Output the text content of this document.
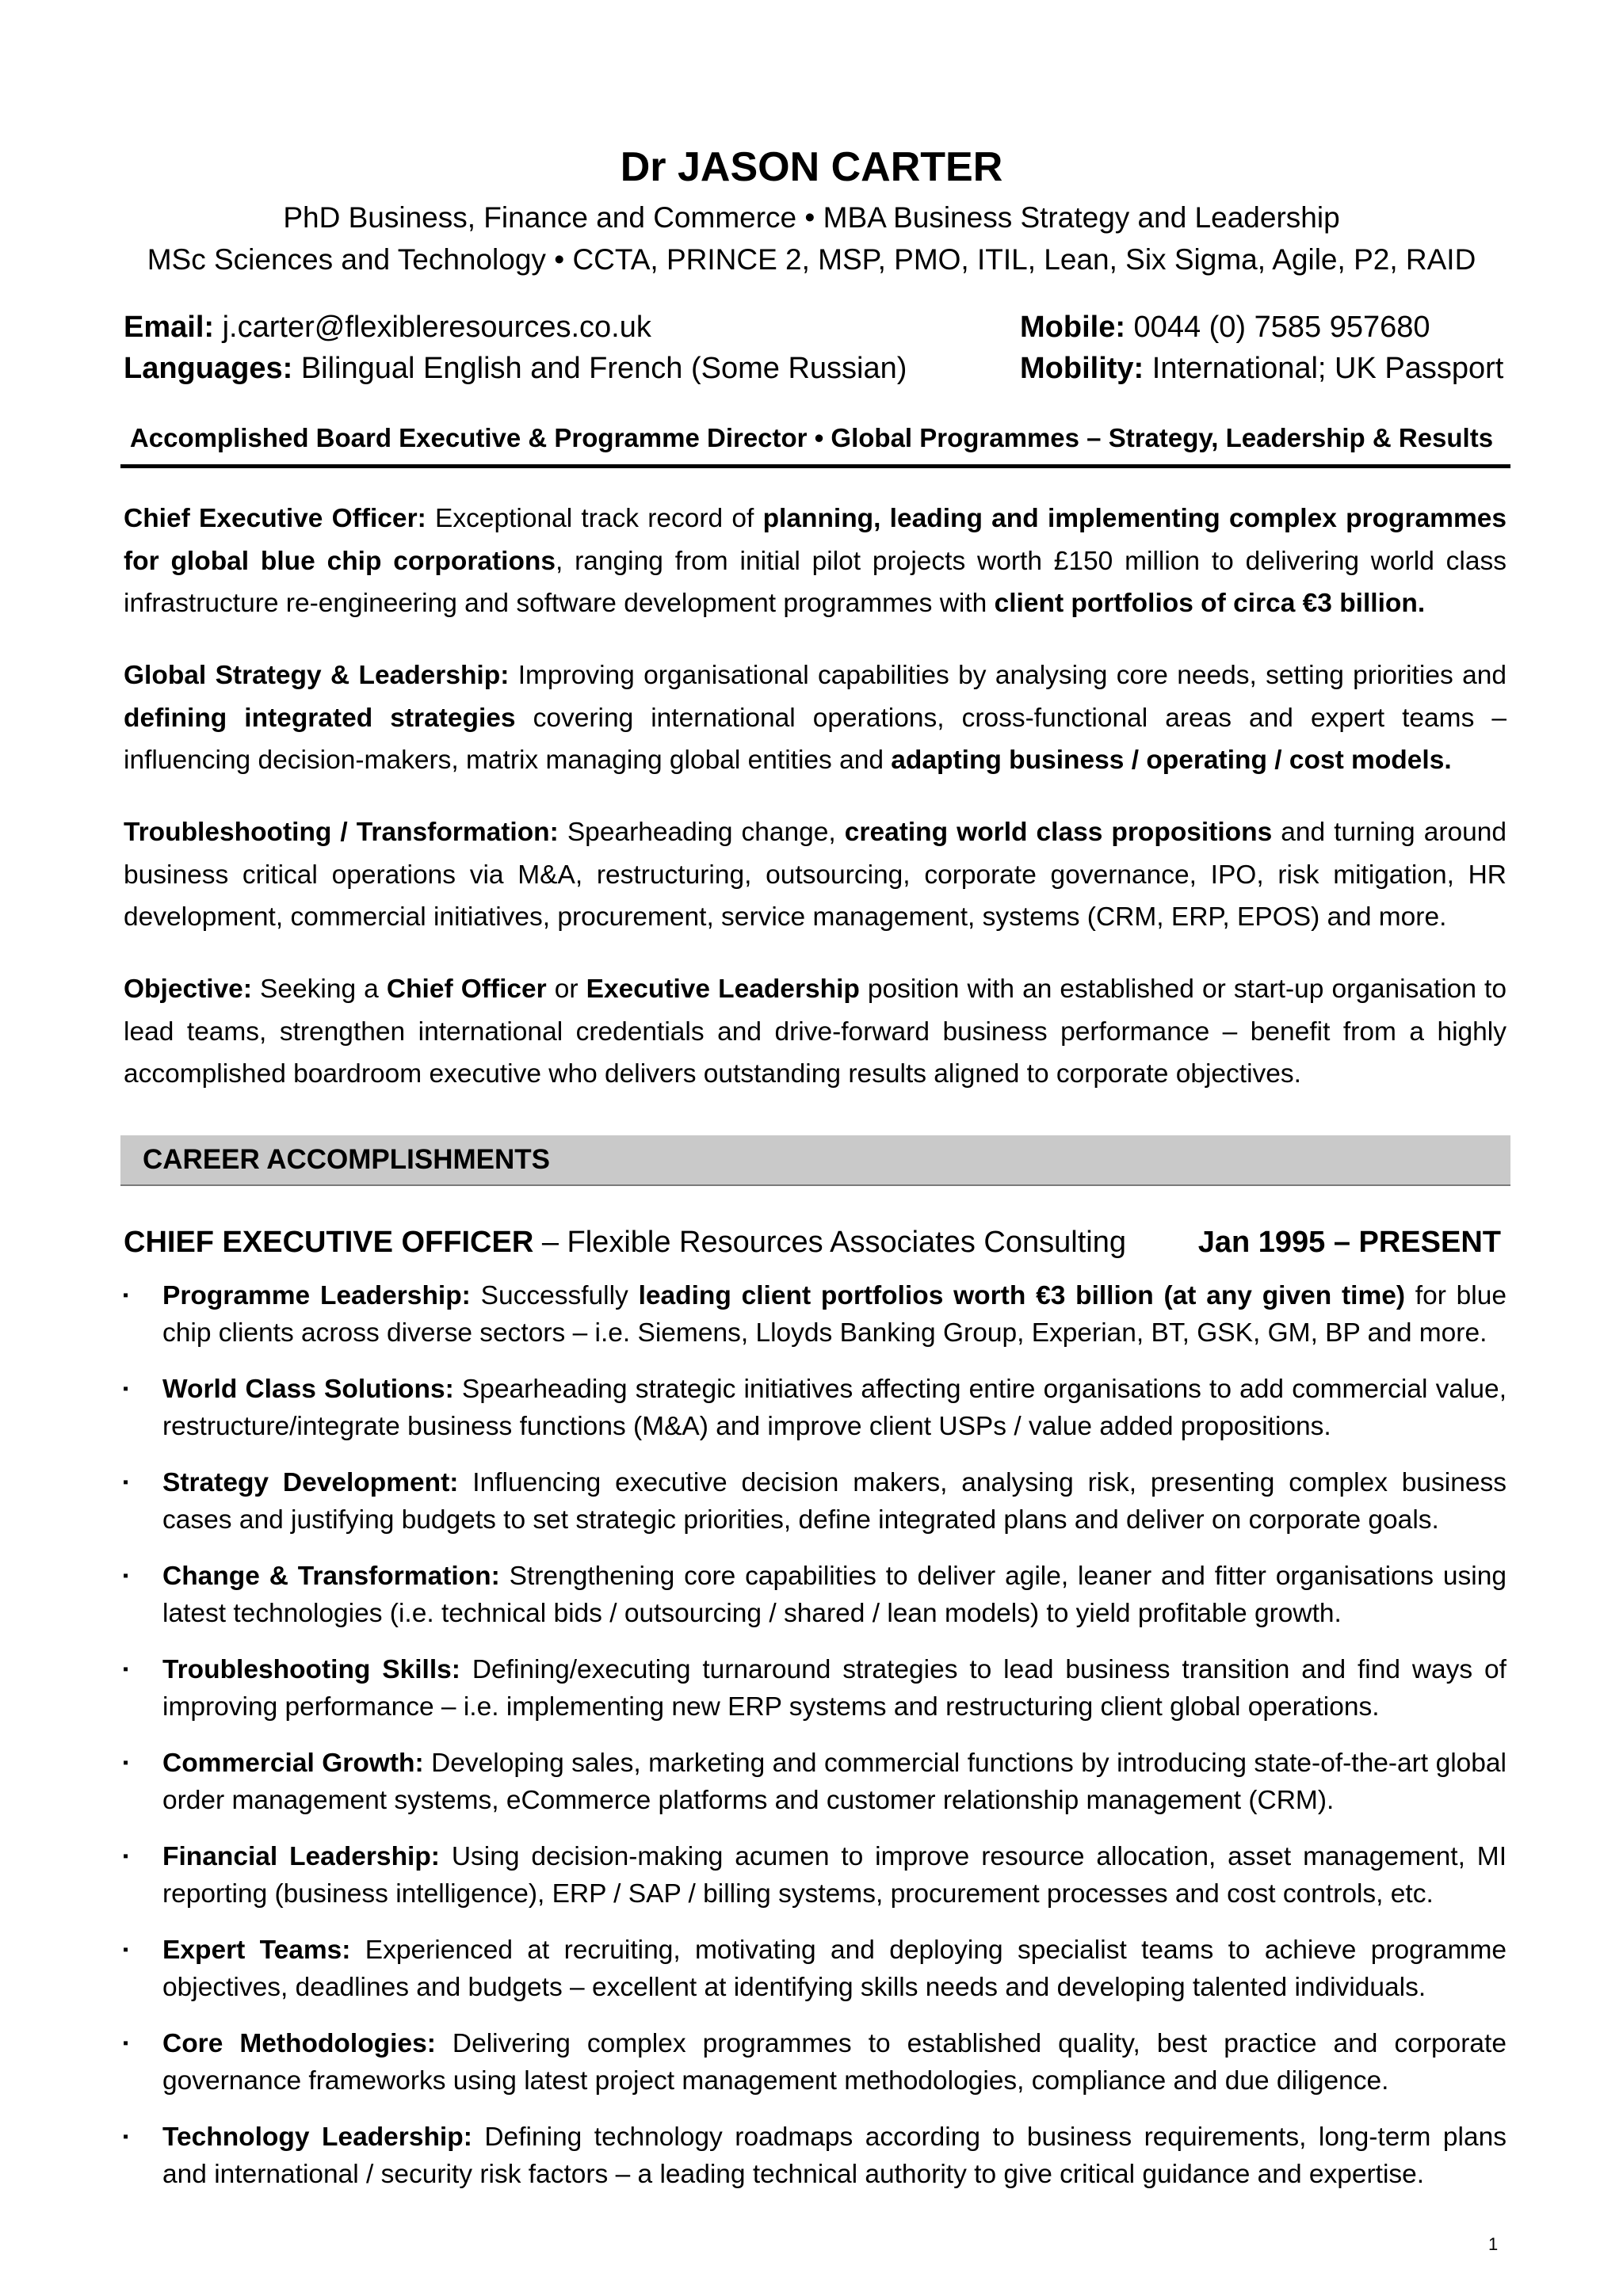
Dr JASON CARTER
PhD Business, Finance and Commerce • MBA Business Strategy and Leadership
MSc Sciences and Technology • CCTA, PRINCE 2, MSP, PMO, ITIL, Lean, Six Sigma, Agile, P2, RAID
Email: j.carter@flexibleresources.co.uk
Languages: Bilingual English and French (Some Russian)
Mobile: 0044 (0) 7585 957680
Mobility: International; UK Passport
Accomplished Board Executive & Programme Director • Global Programmes – Strategy, Leadership & Results
Chief Executive Officer: Exceptional track record of planning, leading and implementing complex programmes for global blue chip corporations, ranging from initial pilot projects worth £150 million to delivering world class infrastructure re-engineering and software development programmes with client portfolios of circa €3 billion.
Global Strategy & Leadership: Improving organisational capabilities by analysing core needs, setting priorities and defining integrated strategies covering international operations, cross-functional areas and expert teams – influencing decision-makers, matrix managing global entities and adapting business / operating / cost models.
Troubleshooting / Transformation: Spearheading change, creating world class propositions and turning around business critical operations via M&A, restructuring, outsourcing, corporate governance, IPO, risk mitigation, HR development, commercial initiatives, procurement, service management, systems (CRM, ERP, EPOS) and more.
Objective: Seeking a Chief Officer or Executive Leadership position with an established or start-up organisation to lead teams, strengthen international credentials and drive-forward business performance – benefit from a highly accomplished boardroom executive who delivers outstanding results aligned to corporate objectives.
CAREER ACCOMPLISHMENTS
CHIEF EXECUTIVE OFFICER – Flexible Resources Associates Consulting Jan 1995 – PRESENT
▪ Programme Leadership: Successfully leading client portfolios worth €3 billion (at any given time) for blue chip clients across diverse sectors – i.e. Siemens, Lloyds Banking Group, Experian, BT, GSK, GM, BP and more.
▪ World Class Solutions: Spearheading strategic initiatives affecting entire organisations to add commercial value, restructure/integrate business functions (M&A) and improve client USPs / value added propositions.
▪ Strategy Development: Influencing executive decision makers, analysing risk, presenting complex business cases and justifying budgets to set strategic priorities, define integrated plans and deliver on corporate goals.
▪ Change & Transformation: Strengthening core capabilities to deliver agile, leaner and fitter organisations using latest technologies (i.e. technical bids / outsourcing / shared / lean models) to yield profitable growth.
▪ Troubleshooting Skills: Defining/executing turnaround strategies to lead business transition and find ways of improving performance – i.e. implementing new ERP systems and restructuring client global operations.
▪ Commercial Growth: Developing sales, marketing and commercial functions by introducing state-of-the-art global order management systems, eCommerce platforms and customer relationship management (CRM).
▪ Financial Leadership: Using decision-making acumen to improve resource allocation, asset management, MI reporting (business intelligence), ERP / SAP / billing systems, procurement processes and cost controls, etc.
▪ Expert Teams: Experienced at recruiting, motivating and deploying specialist teams to achieve programme objectives, deadlines and budgets – excellent at identifying skills needs and developing talented individuals.
▪ Core Methodologies: Delivering complex programmes to established quality, best practice and corporate governance frameworks using latest project management methodologies, compliance and due diligence.
▪ Technology Leadership: Defining technology roadmaps according to business requirements, long-term plans and international / security risk factors – a leading technical authority to give critical guidance and expertise.
1
